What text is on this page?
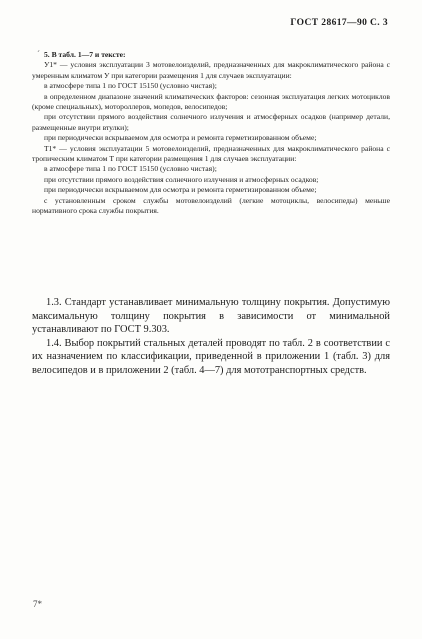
ГОСТ 28617—90 С. 3
ˊ 5. В табл. 1—7 и тексте:

У1* — условия эксплуатации 3 мотовелоизделий, предназначенных для макроклиматического района с умеренным климатом У при категории размещения 1 для случаев эксплуатации:

в атмосфере типа 1 по ГОСТ 15150 (условно чистая);

в определенном диапазоне значений климатических факторов: сезонная эксплуатация легких мотоциклов (кроме специальных), мотороллеров, мопедов, велосипедов;

при отсутствии прямого воздействия солнечного излучения и атмосферных осадков (например детали, размещенные внутри втулки);

при периодически вскрываемом для осмотра и ремонта герметизированном объеме;

Т1* — условия эксплуатации 5 мотовелоизделий, предназначенных для макроклиматического района с тропическим климатом Т при категории размещения 1 для случаев эксплуатации:

в атмосфере типа 1 по ГОСТ 15150 (условно чистая);

при отсутствии прямого воздействия солнечного излучения и атмосферных осадков;

при периодически вскрываемом для осмотра и ремонта герметизированном объеме;

с установленным сроком службы мотовелоизделий (легкие мотоциклы, велосипеды) меньше нормативного срока службы покрытия.

1.3. Стандарт устанавливает минимальную толщину покрытия. Допустимую максимальную толщину покрытия в зависимости от минимальной устанавливают по ГОСТ 9.303.

1.4. Выбор покрытий стальных деталей проводят по табл. 2 в соответствии с их назначением по классификации, приведенной в приложении 1 (табл. 3) для велосипедов и в приложении 2 (табл. 4—7) для мототранспортных средств.

7*
